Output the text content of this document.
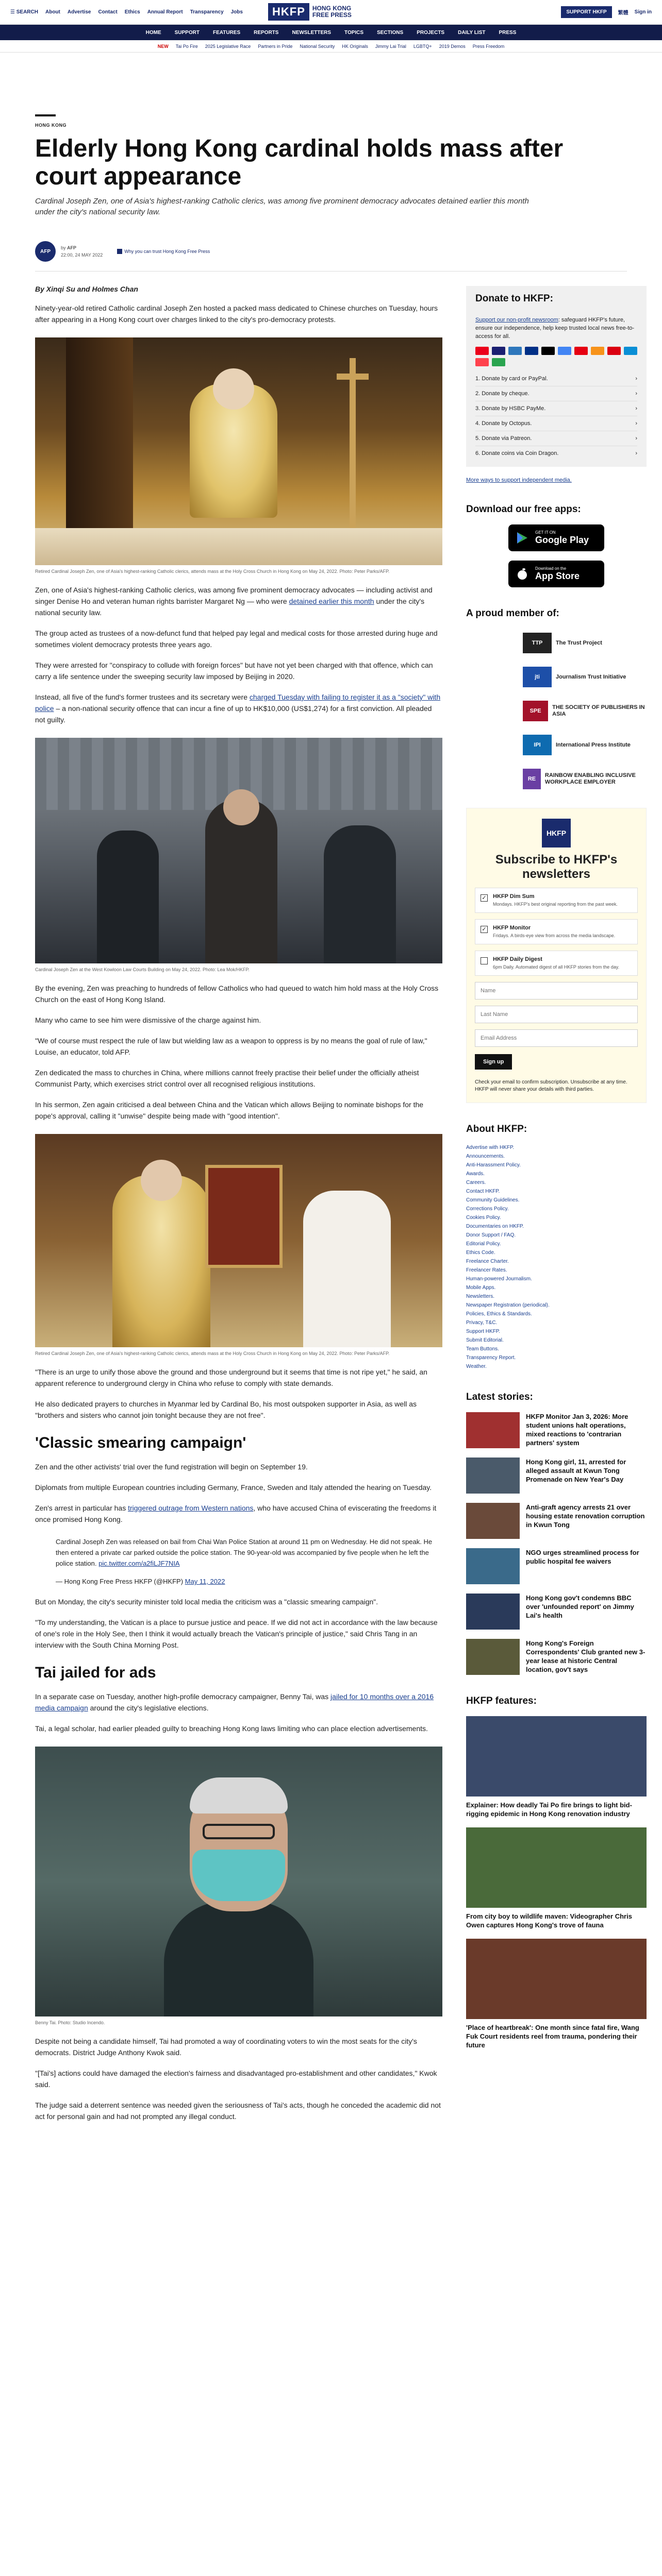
☰ SEARCH About Advertise Contact Ethics Annual Report Transparency Jobs	HKFP	HONG KONG
FREE PRESS	SUPPORT HKFP	繁體 Sign in
HOME	SUPPORT	FEATURES	REPORTS	NEWSLETTERS	TOPICS	SECTIONS	PROJECTS	DAILY LIST	PRESS
NEW Tai Po Fire 2025 Legislative Race Partners in Pride National Security HK Originals Jimmy Lai Trial LGBTQ+ 2019 Demos Press Freedom
HONG KONG
Elderly Hong Kong cardinal holds mass after court appearance
Cardinal Joseph Zen, one of Asia's highest-ranking Catholic clerics, was among five prominent democracy advocates detained earlier this month under the city's national security law.
AFP
by AFP
22:00, 24 MAY 2022
Why you can trust Hong Kong Free Press
By Xinqi Su and Holmes Chan

Ninety-year-old retired Catholic cardinal Joseph Zen hosted a packed mass dedicated to Chinese churches on Tuesday, hours after appearing in a Hong Kong court over charges linked to the city's pro-democracy protests.

Retired Cardinal Joseph Zen, one of Asia's highest-ranking Catholic clerics, attends mass at the Holy Cross Church in Hong Kong on May 24, 2022. Photo: Peter Parks/AFP.

Zen, one of Asia's highest-ranking Catholic clerics, was among five prominent democracy advocates — including activist and singer Denise Ho and veteran human rights barrister Margaret Ng — who were detained earlier this month under the city's national security law.

The group acted as trustees of a now-defunct fund that helped pay legal and medical costs for those arrested during huge and sometimes violent democracy protests three years ago.

They were arrested for "conspiracy to collude with foreign forces" but have not yet been charged with that offence, which can carry a life sentence under the sweeping security law imposed by Beijing in 2020.

Instead, all five of the fund's former trustees and its secretary were charged Tuesday with failing to register it as a "society" with police – a non-national security offence that can incur a fine of up to HK$10,000 (US$1,274) for a first conviction. All pleaded not guilty.

Cardinal Joseph Zen at the West Kowloon Law Courts Building on May 24, 2022. Photo: Lea Mok/HKFP.

By the evening, Zen was preaching to hundreds of fellow Catholics who had queued to watch him hold mass at the Holy Cross Church on the east of Hong Kong Island.

Many who came to see him were dismissive of the charge against him.

"We of course must respect the rule of law but wielding law as a weapon to oppress is by no means the goal of rule of law," Louise, an educator, told AFP.

Zen dedicated the mass to churches in China, where millions cannot freely practise their belief under the officially atheist Communist Party, which exercises strict control over all recognised religious institutions.

In his sermon, Zen again criticised a deal between China and the Vatican which allows Beijing to nominate bishops for the pope's approval, calling it "unwise" despite being made with "good intention".

Retired Cardinal Joseph Zen, one of Asia's highest-ranking Catholic clerics, attends mass at the Holy Cross Church in Hong Kong on May 24, 2022. Photo: Peter Parks/AFP.

"There is an urge to unify those above the ground and those underground but it seems that time is not ripe yet," he said, an apparent reference to underground clergy in China who refuse to comply with state demands.

He also dedicated prayers to churches in Myanmar led by Cardinal Bo, his most outspoken supporter in Asia, as well as "brothers and sisters who cannot join tonight because they are not free".

'Classic smearing campaign'

Zen and the other activists' trial over the fund registration will begin on September 19.

Diplomats from multiple European countries including Germany, France, Sweden and Italy attended the hearing on Tuesday.

Zen's arrest in particular has triggered outrage from Western nations, who have accused China of eviscerating the freedoms it once promised Hong Kong.

Cardinal Joseph Zen was released on bail from Chai Wan Police Station at around 11 pm on Wednesday. He did not speak. He then entered a private car parked outside the police station. The 90-year-old was accompanied by five people when he left the police station. pic.twitter.com/a2fiLJF7NIA
— Hong Kong Free Press HKFP (@HKFP) May 11, 2022

But on Monday, the city's security minister told local media the criticism was a "classic smearing campaign".

"To my understanding, the Vatican is a place to pursue justice and peace. If we did not act in accordance with the law because of one's role in the Holy See, then I think it would actually breach the Vatican's principle of justice," said Chris Tang in an interview with the South China Morning Post.

Tai jailed for ads

In a separate case on Tuesday, another high-profile democracy campaigner, Benny Tai, was jailed for 10 months over a 2016 media campaign around the city's legislative elections.

Tai, a legal scholar, had earlier pleaded guilty to breaching Hong Kong laws limiting who can place election advertisements.

Benny Tai. Photo: Studio Incendo.

Despite not being a candidate himself, Tai had promoted a way of coordinating voters to win the most seats for the city's democrats. District Judge Anthony Kwok said.

"[Tai's] actions could have damaged the election's fairness and disadvantaged pro-establishment and other candidates," Kwok said.

The judge said a deterrent sentence was needed given the seriousness of Tai's acts, though he conceded the academic did not act for personal gain and had not prompted any illegal conduct.

Donate to HKFP:
Support our non-profit newsroom: safeguard HKFP's future, ensure our independence, help keep trusted local news free-to-access for all.
1. Donate by card or PayPal.	›
2. Donate by cheque.	›
3. Donate by HSBC PayMe.	›
4. Donate by Octopus.	›
5. Donate via Patreon.	›
6. Donate coins via Coin Dragon.	›
More ways to support independent media.
Download our free apps:
GET IT ON
Google Play
Download on the
App Store
A proud member of:
TTP	The Trust Project
jti	Journalism Trust Initiative
SPE
THE SOCIETY OF PUBLISHERS IN ASIA
IPI	International Press Institute
RE
RAINBOW ENABLING INCLUSIVE WORKPLACE EMPLOYER
HKFP
Subscribe to HKFP's newsletters
✓ HKFP Dim Sum
Mondays. HKFP's best original reporting from the past week.
✓ HKFP Monitor
Fridays. A birds-eye view from across the media landscape.
HKFP Daily Digest
6pm Daily. Automated digest of all HKFP stories from the day.
Name Last Name Email Address Sign up
Check your email to confirm subscription. Unsubscribe at any time. HKFP will never share your details with third parties.
About HKFP:
Advertise with HKFP.
Announcements.
Anti-Harassment Policy.
Awards.
Careers.
Contact HKFP.
Community Guidelines.
Corrections Policy.
Cookies Policy.
Documentaries on HKFP.
Donor Support / FAQ.
Editorial Policy.
Ethics Code.
Freelance Charter.
Freelancer Rates.
Human-powered Journalism.
Mobile Apps.
Newsletters.
Newspaper Registration (periodical).
Policies, Ethics & Standards.
Privacy, T&C.
Support HKFP.
Submit Editorial.
Team Buttons.
Transparency Report.
Weather.
Latest stories:
HKFP Monitor Jan 3, 2026: More student unions halt operations, mixed reactions to 'contrarian partners' system
Hong Kong girl, 11, arrested for alleged assault at Kwun Tong Promenade on New Year's Day
Anti-graft agency arrests 21 over housing estate renovation corruption in Kwun Tong
NGO urges streamlined process for public hospital fee waivers
Hong Kong gov't condemns BBC over 'unfounded report' on Jimmy Lai's health
Hong Kong's Foreign Correspondents' Club granted new 3-year lease at historic Central location, gov't says
HKFP features:
Explainer: How deadly Tai Po fire brings to light bid-rigging epidemic in Hong Kong renovation industry
From city boy to wildlife maven: Videographer Chris Owen captures Hong Kong's trove of fauna
'Place of heartbreak': One month since fatal fire, Wang Fuk Court residents reel from trauma, pondering their future
